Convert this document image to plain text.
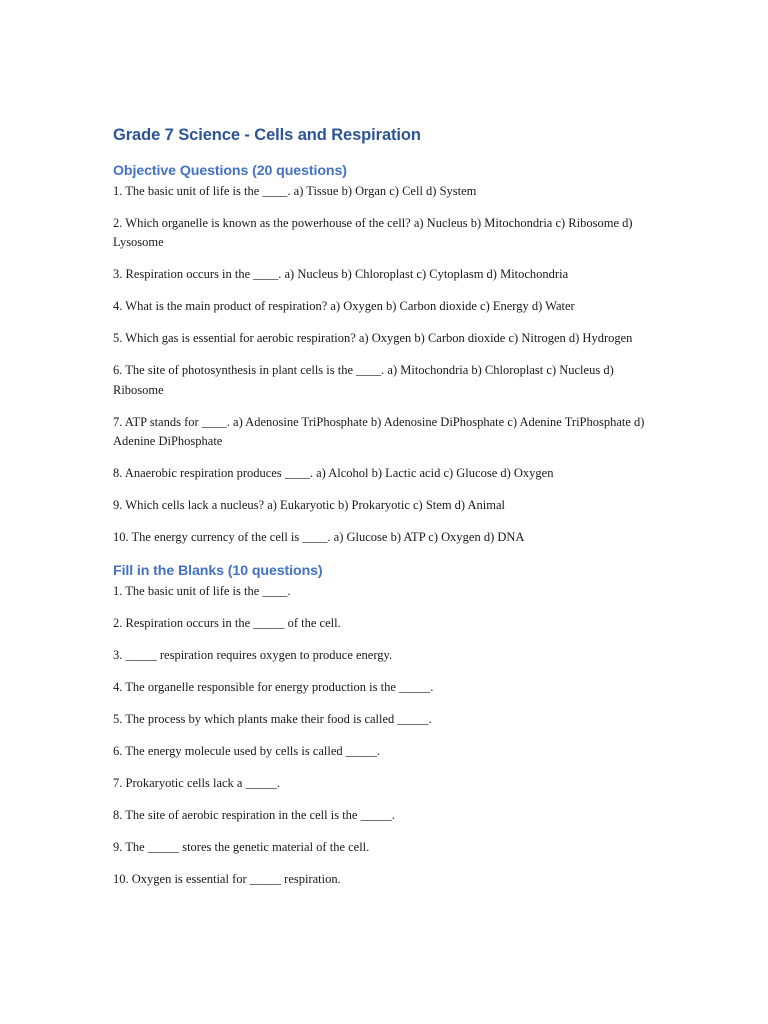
Grade 7 Science - Cells and Respiration
Objective Questions (20 questions)
1. The basic unit of life is the ____. a) Tissue b) Organ c) Cell d) System
2. Which organelle is known as the powerhouse of the cell? a) Nucleus b) Mitochondria c) Ribosome d) Lysosome
3. Respiration occurs in the ____. a) Nucleus b) Chloroplast c) Cytoplasm d) Mitochondria
4. What is the main product of respiration? a) Oxygen b) Carbon dioxide c) Energy d) Water
5. Which gas is essential for aerobic respiration? a) Oxygen b) Carbon dioxide c) Nitrogen d) Hydrogen
6. The site of photosynthesis in plant cells is the ____. a) Mitochondria b) Chloroplast c) Nucleus d) Ribosome
7. ATP stands for ____. a) Adenosine TriPhosphate b) Adenosine DiPhosphate c) Adenine TriPhosphate d) Adenine DiPhosphate
8. Anaerobic respiration produces ____. a) Alcohol b) Lactic acid c) Glucose d) Oxygen
9. Which cells lack a nucleus? a) Eukaryotic b) Prokaryotic c) Stem d) Animal
10. The energy currency of the cell is ____. a) Glucose b) ATP c) Oxygen d) DNA
Fill in the Blanks (10 questions)
1. The basic unit of life is the ____.
2. Respiration occurs in the _____ of the cell.
3. _____ respiration requires oxygen to produce energy.
4. The organelle responsible for energy production is the _____.
5. The process by which plants make their food is called _____.
6. The energy molecule used by cells is called _____.
7. Prokaryotic cells lack a _____.
8. The site of aerobic respiration in the cell is the _____.
9. The _____ stores the genetic material of the cell.
10. Oxygen is essential for _____ respiration.
